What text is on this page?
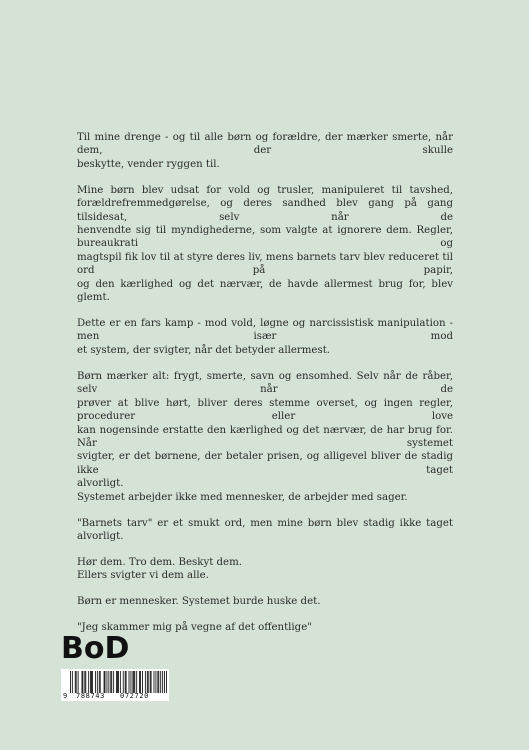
Til mine drenge - og til alle børn og forældre, der mærker smerte, når dem, der skulle
beskytte, vender ryggen til.

Mine børn blev udsat for vold og trusler, manipuleret til tavshed,
forældrefremmedgørelse, og deres sandhed blev gang på gang tilsidesat, selv når de
henvendte sig til myndighederne, som valgte at ignorere dem. Regler, bureaukrati og
magtspil fik lov til at styre deres liv, mens barnets tarv blev reduceret til ord på papir,
og den kærlighed og det nærvær, de havde allermest brug for, blev glemt.

Dette er en fars kamp - mod vold, løgne og narcissistisk manipulation - men især mod
et system, der svigter, når det betyder allermest.

Børn mærker alt: frygt, smerte, savn og ensomhed. Selv når de råber, selv når de
prøver at blive hørt, bliver deres stemme overset, og ingen regler, procedurer eller love
kan nogensinde erstatte den kærlighed og det nærvær, de har brug for. Når systemet
svigter, er det børnene, der betaler prisen, og alligevel bliver de stadig ikke taget
alvorligt.
Systemet arbejder ikke med mennesker, de arbejder med sager.

"Barnets tarv" er et smukt ord, men mine børn blev stadig ikke taget alvorligt.

Hør dem. Tro dem. Beskyt dem.
Ellers svigter vi dem alle.

Børn er mennesker. Systemet burde huske det.

"Jeg skammer mig på vegne af det offentlige"

BoD
9 788743 072720
